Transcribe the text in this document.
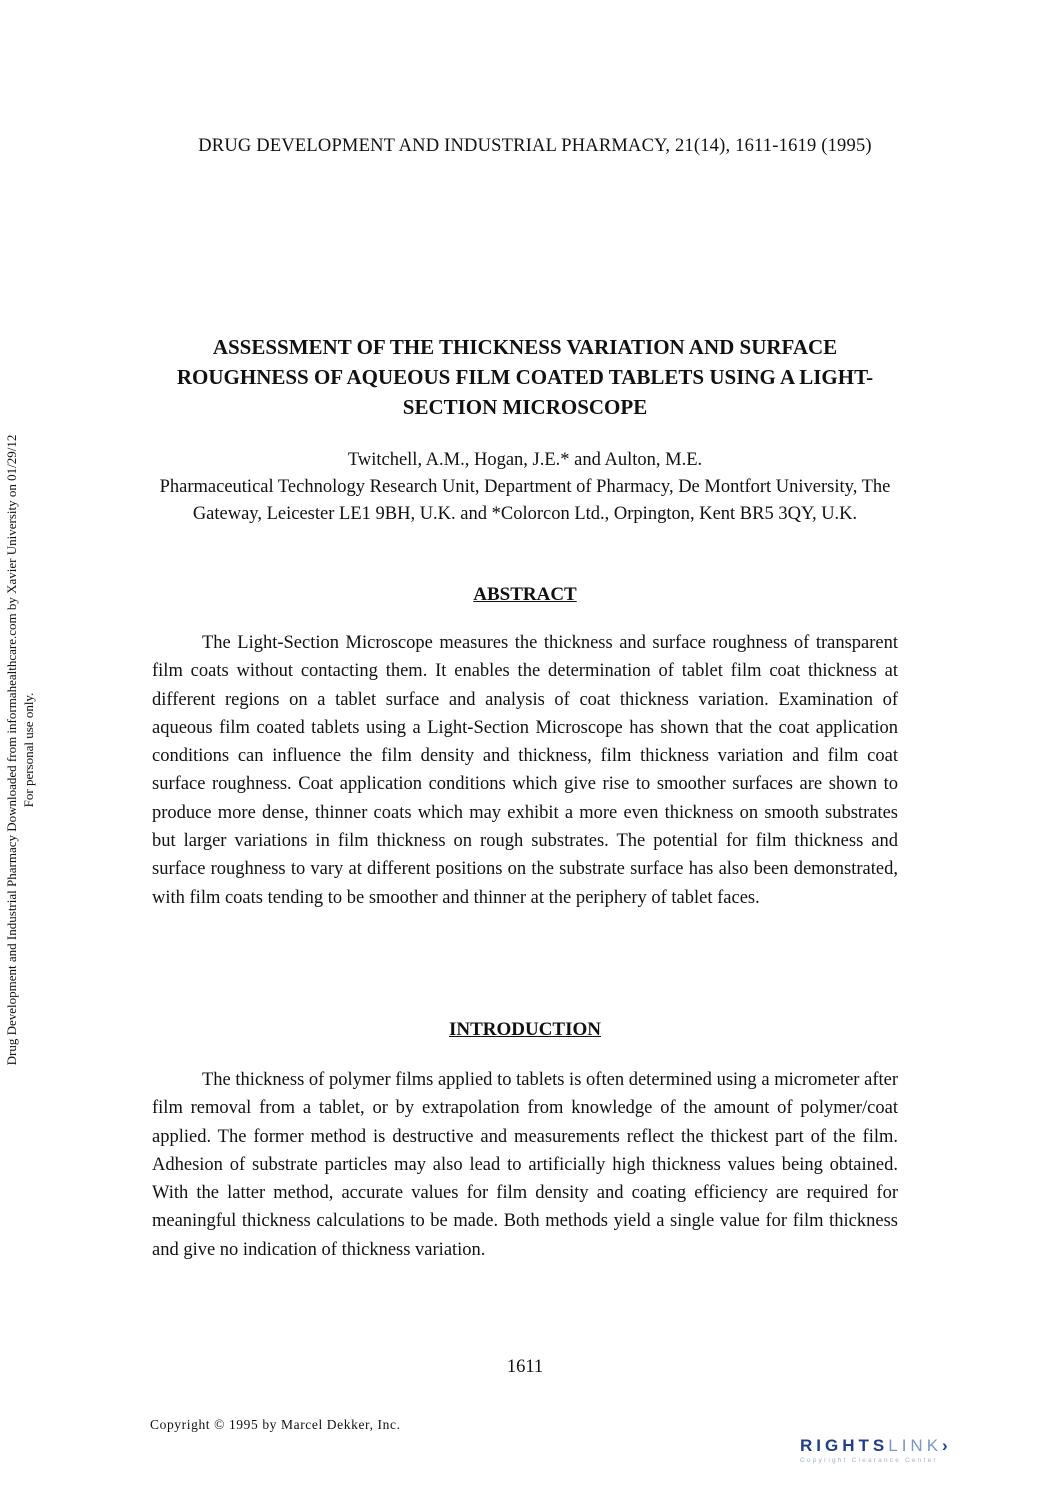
DRUG DEVELOPMENT AND INDUSTRIAL PHARMACY, 21(14), 1611-1619 (1995)
Drug Development and Industrial Pharmacy Downloaded from informahealthcare.com by Xavier University on 01/29/12 For personal use only.
ASSESSMENT OF THE THICKNESS VARIATION AND SURFACE ROUGHNESS OF AQUEOUS FILM COATED TABLETS USING A LIGHT-SECTION MICROSCOPE
Twitchell, A.M., Hogan, J.E.* and Aulton, M.E.
Pharmaceutical Technology Research Unit, Department of Pharmacy, De Montfort University, The Gateway, Leicester LE1 9BH, U.K. and *Colorcon Ltd., Orpington, Kent BR5 3QY, U.K.
ABSTRACT

The Light-Section Microscope measures the thickness and surface roughness of transparent film coats without contacting them. It enables the determination of tablet film coat thickness at different regions on a tablet surface and analysis of coat thickness variation. Examination of aqueous film coated tablets using a Light-Section Microscope has shown that the coat application conditions can influence the film density and thickness, film thickness variation and film coat surface roughness. Coat application conditions which give rise to smoother surfaces are shown to produce more dense, thinner coats which may exhibit a more even thickness on smooth substrates but larger variations in film thickness on rough substrates. The potential for film thickness and surface roughness to vary at different positions on the substrate surface has also been demonstrated, with film coats tending to be smoother and thinner at the periphery of tablet faces.

INTRODUCTION

The thickness of polymer films applied to tablets is often determined using a micrometer after film removal from a tablet, or by extrapolation from knowledge of the amount of polymer/coat applied. The former method is destructive and measurements reflect the thickest part of the film. Adhesion of substrate particles may also lead to artificially high thickness values being obtained. With the latter method, accurate values for film density and coating efficiency are required for meaningful thickness calculations to be made. Both methods yield a single value for film thickness and give no indication of thickness variation.

1611
Copyright © 1995 by Marcel Dekker, Inc.
RIGHTSLINK›
Copyright Clearance Center
